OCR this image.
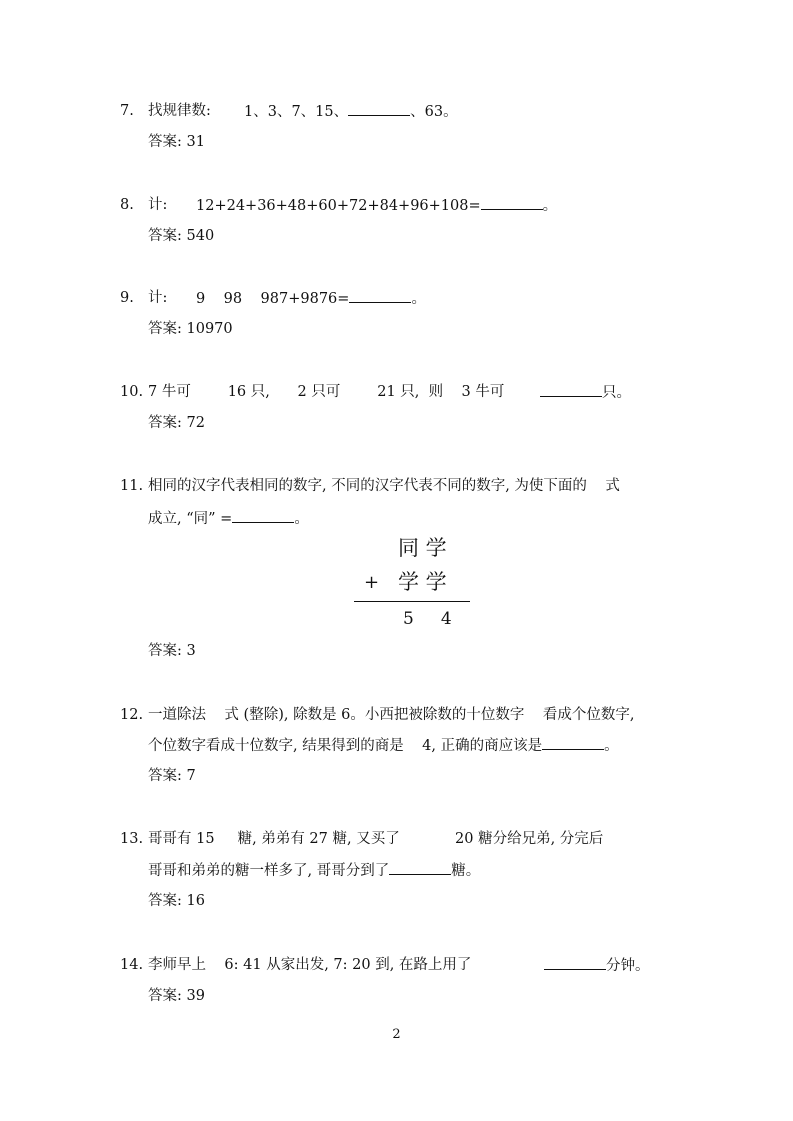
7. 找规律数: 1、3、7、15、	、63。
答案: 31
8. 计: 12+24+36+48+60+72+84+96+108=	。
答案: 540
9. 计: 9    98    987+9876=	。
答案: 10970
10. 7 牛可        16 只,      2 只可        21 只,  则    3 牛可	只。
答案: 72
11. 相同的汉字代表相同的数字, 不同的汉字代表不同的数字, 为使下面的    式
成立, “同” =	。
同 学
+ 学 学
5     4
答案: 3
12. 一道除法    式 (整除), 除数是 6。小西把被除数的十位数字    看成个位数字,
个位数字看成十位数字, 结果得到的商是    4, 正确的商应该是	。
答案: 7
13. 哥哥有 15     糖, 弟弟有 27 糖, 又买了            20 糖分给兄弟, 分完后
哥哥和弟弟的糖一样多了, 哥哥分到了	糖。
答案: 16
14. 李师早上    6: 41 从家出发, 7: 20 到, 在路上用了	分钟。
答案: 39
2
